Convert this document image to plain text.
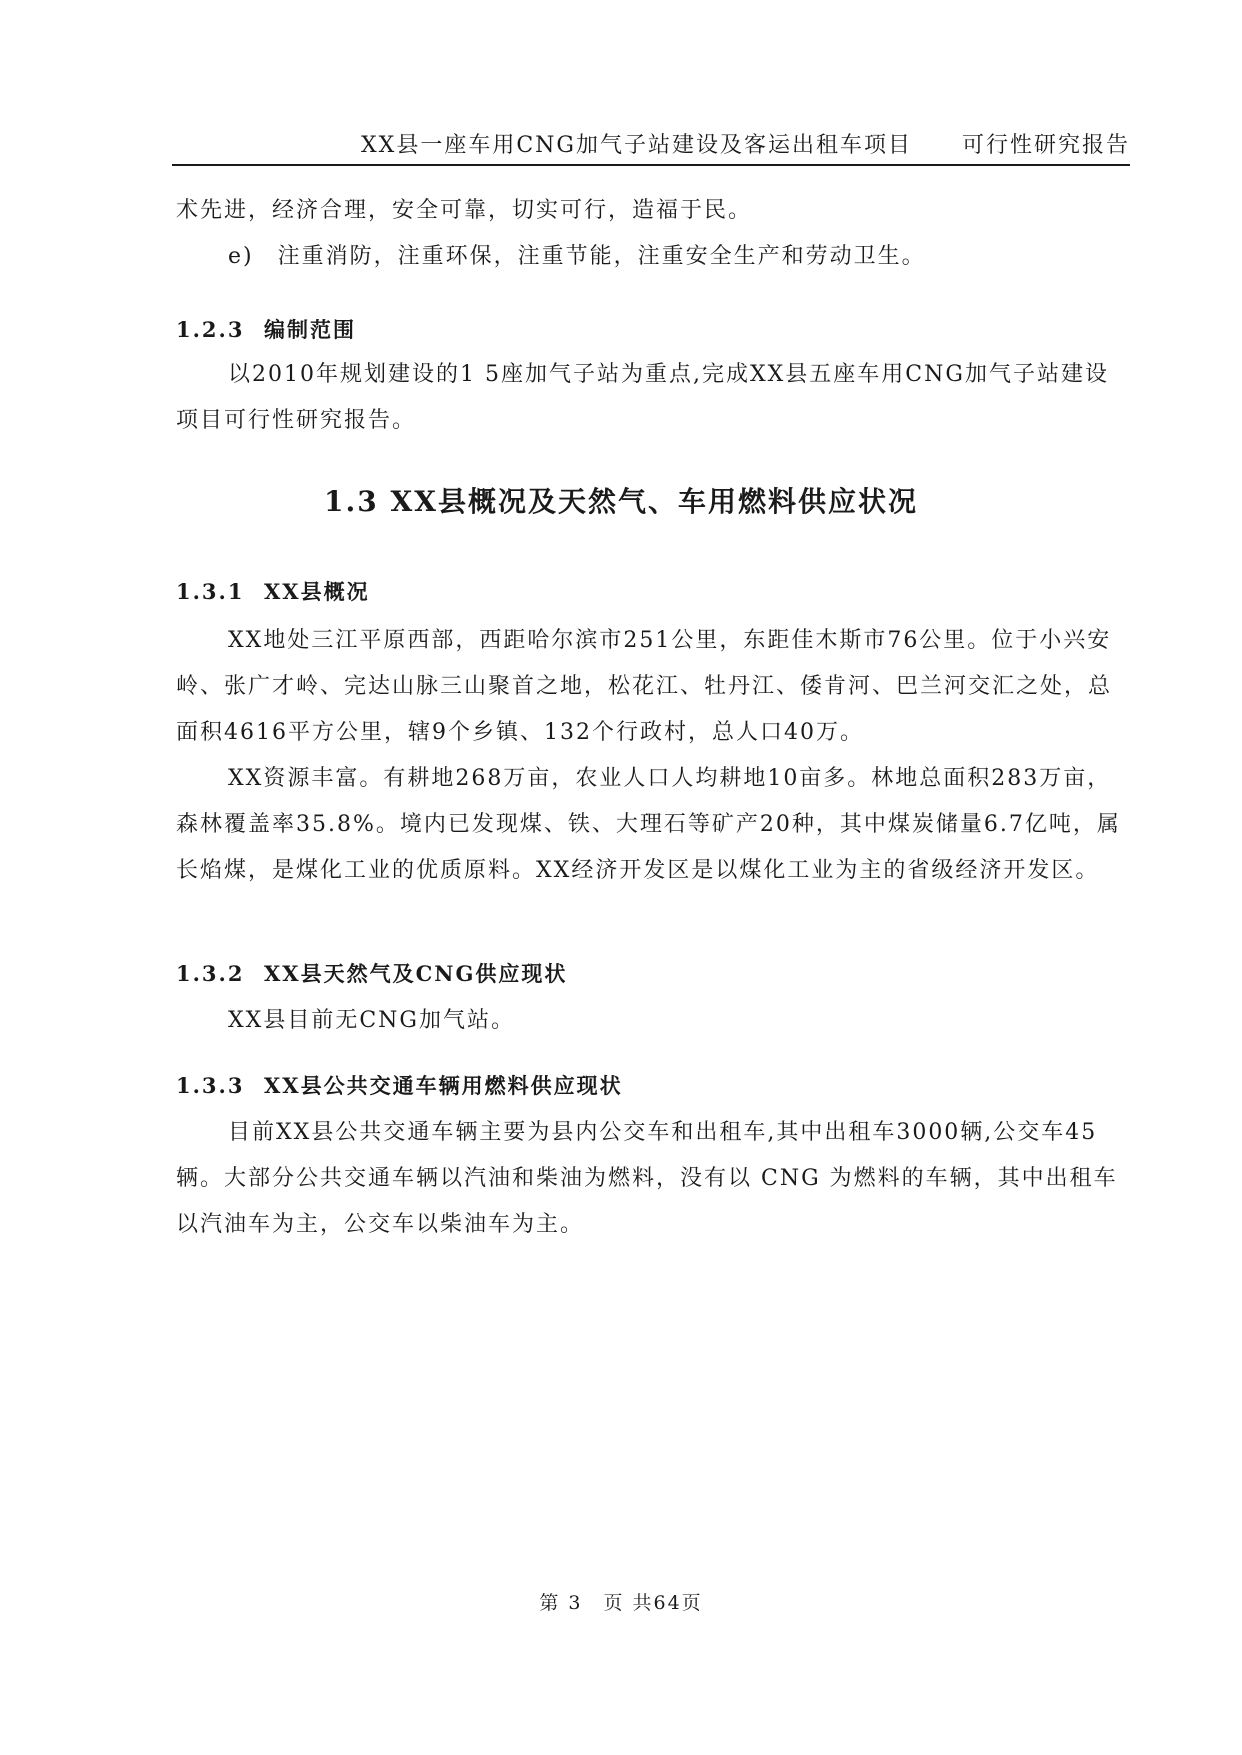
XX县一座车用CNG加气子站建设及客运出租车项目 可行性研究报告

术先进，经济合理，安全可靠，切实可行，造福于民。

e)　注重消防，注重环保，注重节能，注重安全生产和劳动卫生。

1.2.3 编制范围

以2010年规划建设的1 5座加气子站为重点,完成XX县五座车用CNG加气子站建设 项目可行性研究报告。

1.3 XX县概况及天然气、车用燃料供应状况
1.3.1 XX县概况

XX地处三江平原西部，西距哈尔滨市251公里，东距佳木斯市76公里。位于小兴安岭、张广才岭、完达山脉三山聚首之地，松花江、牡丹江、倭肯河、巴兰河交汇之处，总面积4616平方公里，辖9个乡镇、132个行政村，总人口40万。

XX资源丰富。有耕地268万亩，农业人口人均耕地10亩多。林地总面积283万亩，森林覆盖率35.8%。境内已发现煤、铁、大理石等矿产20种，其中煤炭储量6.7亿吨，属长焰煤，是煤化工业的优质原料。XX经济开发区是以煤化工业为主的省级经济开发区。

1.3.2 XX县天然气及CNG供应现状

XX县目前无CNG加气站。

1.3.3 XX县公共交通车辆用燃料供应现状

目前XX县公共交通车辆主要为县内公交车和出租车,其中出租车3000辆,公交车45辆。大部分公共交通车辆以汽油和柴油为燃料，没有以 CNG 为燃料的车辆，其中出租车以汽油车为主，公交车以柴油车为主。

第 3　页 共64页
